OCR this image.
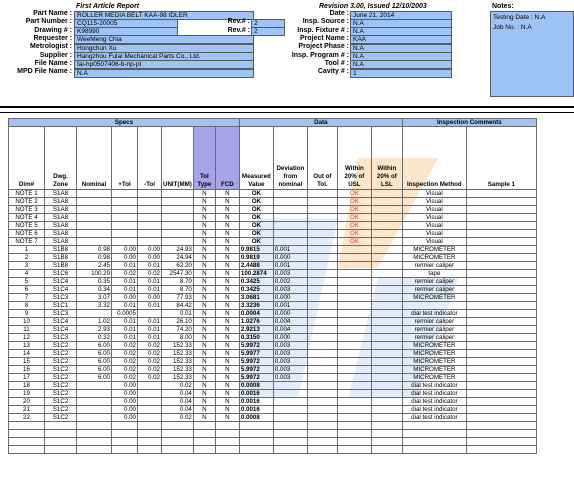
First Article Report	Revision 3.00, Issued 12/10/2003	Notes:
Part Name : ROLLER MEDIA BELT KAA-98 IDLER
Part Number : CQ115-20005
Drawing # : K98990
Requester : WeeMeng Chia
Metrologist : Hongchun Xu
Supplier : Hangzhou Fulai Mechanical Parts Co., Ltd.
File Name : fai-hp0507406-b-np-pt
MPD File Name : N.A
Rev.# : 2
Rev.# : 2
Date : June 21, 2014
Insp. Source : N.A
Insp. Fixture # : N.A
Project Name : KAA
Project Phase : N.A
Insp. Program # : N.A
Tool # : N.A
Cavity # : 1
Testing Date : N.A
Job No. : N.A
Specs								Data					Inspection Comments	
Dim#	Dwg. Zone	Nominal	+Tol	-Tol	UNIT(MM)	Tol Type	FCD	Measured Value	Deviation from nominal	Out of Tol.	Within 20% of USL	Within 20% of LSL	Inspection Method	Sample 1
NOTE 1	S1A8					N	N	OK			OK		Visual	
NOTE 2	S1A8					N	N	OK			OK		Visual	
NOTE 3	S1A8					N	N	OK			OK		Visual	
NOTE 4	S1A8					N	N	OK			OK		Visual	
NOTE 5	S1A8					N	N	OK			OK		Visual	
NOTE 6	S1A8					N	N	OK			OK		Visual	
NOTE 7	S1A8					N	N	OK			OK		Visual	
1	S1B8	0.98	0.00	0.00	24.93	N	N	0.9815	0.001				MICROMETER	
2	S1B8	0.98	0.00	0.00	24.94	N	N	0.9819	0.000				MICROMETER	
3	S1B8	2.45	0.01	0.01	62.20	N	N	2.4488	0.001				rermier caliper	
4	S1C6	100.29	0.02	0.02	2547.30	N	N	100.2874	0.003				tape	
5	S1C4	0.35	0.01	0.01	8.70	N	N	0.3425	0.002				rermier caliper	
6	S1C4	0.34	0.01	0.01	8.70	N	N	0.3425	0.003				rermier caliper	
7	S1C3	3.07	0.00	0.00	77.93	N	N	3.0681	0.000				MICROMETER	
8	S1C1	3.32	0.01	0.01	84.42	N	N	3.3236	0.001					
9	S1C3		0.0005		0.01	N	N	0.0004	0.000				dial test indicator	
10	S1C4	1.02	0.01	0.01	26.10	N	N	1.0276	0.004				rermier caliper	
11	S1C4	2.93	0.01	0.01	74.20	N	N	2.9213	0.004				rermier caliper	
12	S1C3	0.32	0.01	0.01	8.00	N	N	0.3150	0.000				rermier caliper	
13	S1C2	6.00	0.02	0.02	152.33	N	N	5.9972	0.003				MICROMETER	
14	S1C2	6.00	0.02	0.02	152.33	N	N	5.9977	0.003				MICROMETER	
15	S1C2	6.00	0.02	0.02	152.33	N	N	5.9972	0.003				MICROMETER	
16	S1C2	6.00	0.02	0.02	152.33	N	N	5.9972	0.003				MICROMETER	
17	S1C2	6.00	0.02	0.02	152.33	N	N	5.9972	0.003				MICROMETER	
18	S1C2		0.00		0.02	N	N	0.0008					dial test indicator	
19	S1C2		0.00		0.04	N	N	0.0016					dial test indicator	
20	S1C2		0.00		0.04	N	N	0.0016					dial test indicator	
21	S1C2		0.00		0.04	N	N	0.0016					dial test indicator	
22	S1C2		0.00		0.02	N	N	0.0008					dial test indicator	
